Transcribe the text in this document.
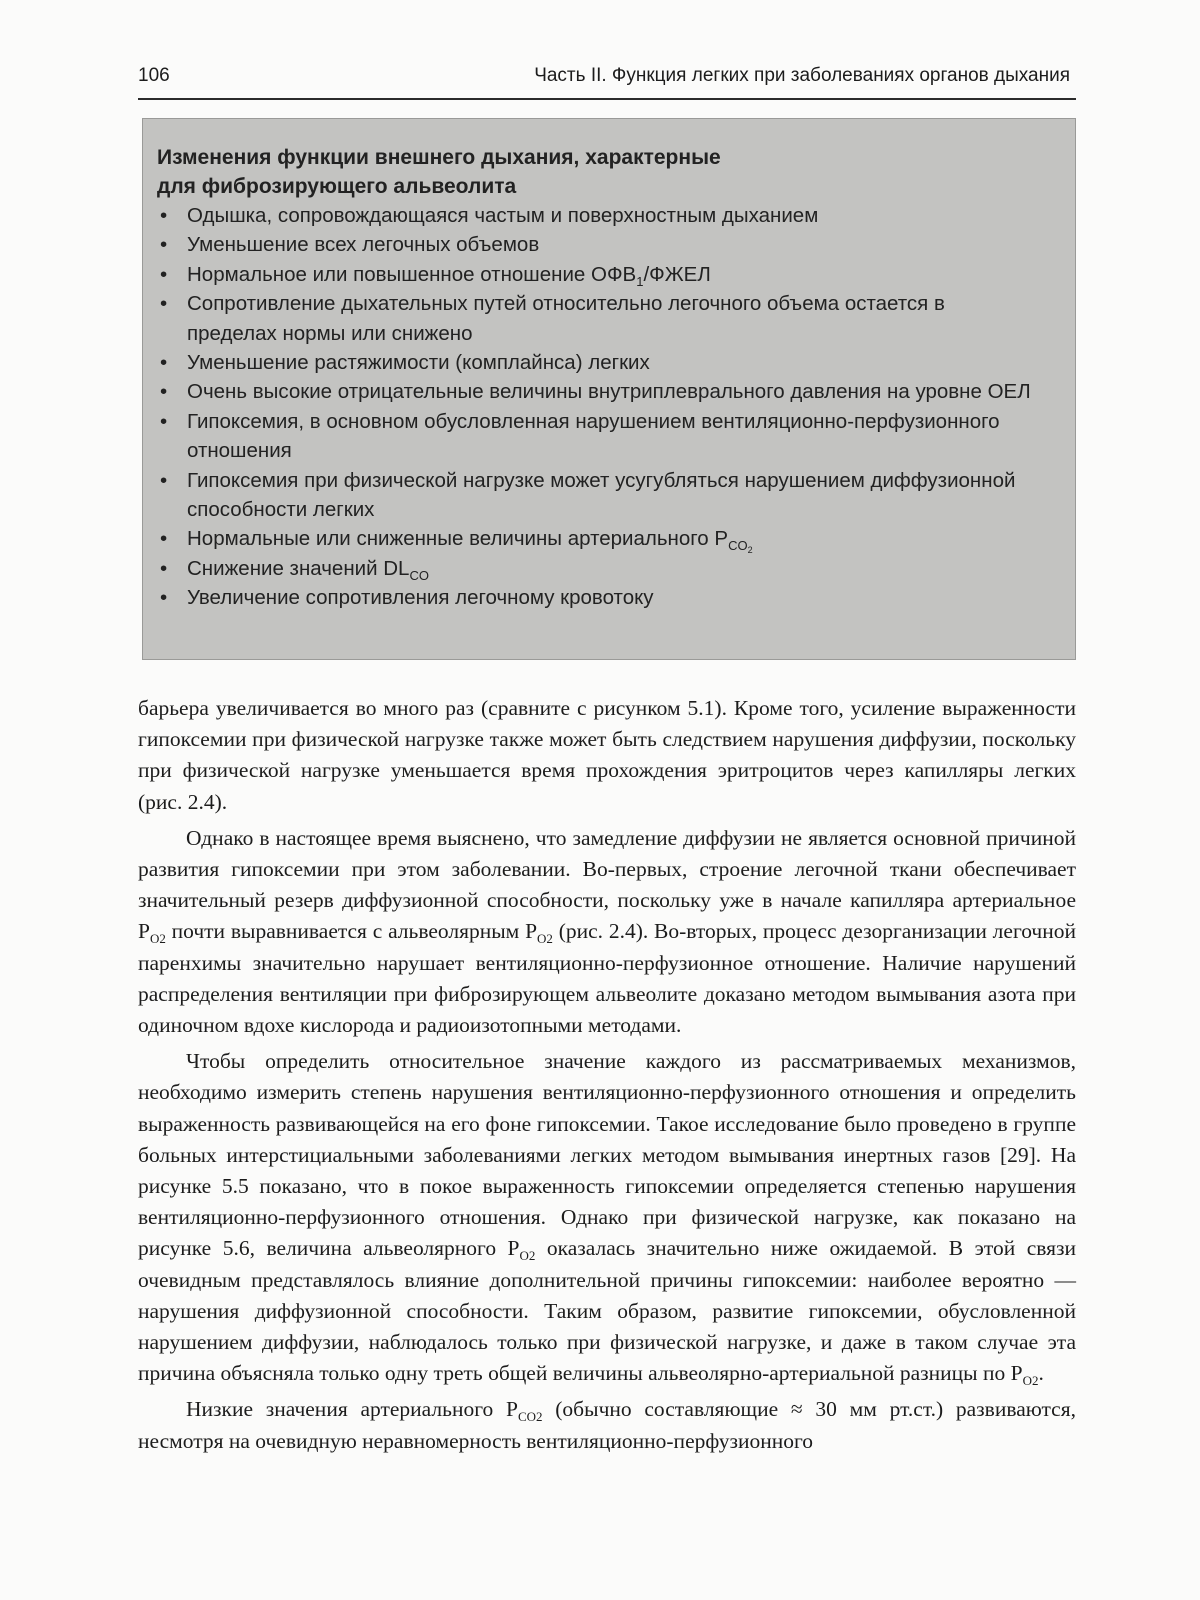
106	Часть II. Функция легких при заболеваниях органов дыхания
Изменения функции внешнего дыхания, характерные
для фиброзирующего альвеолита
• Одышка, сопровождающаяся частым и поверхностным дыханием
• Уменьшение всех легочных объемов
• Нормальное или повышенное отношение $ОФВ_1$/ФЖЕЛ
• Сопротивление дыхательных путей относительно легочного объема остается в пределах нормы или снижено
• Уменьшение растяжимости (комплайнса) легких
• Очень высокие отрицательные величины внутриплеврального давления на уровне ОЕЛ
• Гипоксемия, в основном обусловленная нарушением вентиляционно-перфузионного отношения
• Гипоксемия при физической нагрузке может усугубляться нарушением диффузионной способности легких
• Нормальные или сниженные величины артериального $P_{CO_2}$
• Снижение значений $DL_{CO}$
• Увеличение сопротивления легочному кровотоку

барьера увеличивается во много раз (сравните с рисунком 5.1). Кроме того, усиление выраженности гипоксемии при физической нагрузке также может быть следствием нарушения диффузии, поскольку при физической нагрузке уменьшается время прохождения эритроцитов через капилляры легких (рис. 2.4).

Однако в настоящее время выяснено, что замедление диффузии не является основной причиной развития гипоксемии при этом заболевании. Во-первых, строение легочной ткани обеспечивает значительный резерв диффузионной способности, поскольку уже в начале капилляра артериальное $P_{O2}$ почти выравнивается с альвеолярным $P_{O2}$ (рис. 2.4). Во-вторых, процесс дезорганизации легочной паренхимы значительно нарушает вентиляционно-перфузионное отношение. Наличие нарушений распределения вентиляции при фиброзирующем альвеолите доказано методом вымывания азота при одиночном вдохе кислорода и радиоизотопными методами.

Чтобы определить относительное значение каждого из рассматриваемых механизмов, необходимо измерить степень нарушения вентиляционно-перфузионного отношения и определить выраженность развивающейся на его фоне гипоксемии. Такое исследование было проведено в группе больных интерстициальными заболеваниями легких методом вымывания инертных газов [29]. На рисунке 5.5 показано, что в покое выраженность гипоксемии определяется степенью нарушения вентиляционно-перфузионного отношения. Однако при физической нагрузке, как показано на рисунке 5.6, величина альвеолярного $P_{O2}$ оказалась значительно ниже ожидаемой. В этой связи очевидным представлялось влияние дополнительной причины гипоксемии: наиболее вероятно — нарушения диффузионной способности. Таким образом, развитие гипоксемии, обусловленной нарушением диффузии, наблюдалось только при физической нагрузке, и даже в таком случае эта причина объясняла только одну треть общей величины альвеолярно-артериальной разницы по $P_{O2}$.

Низкие значения артериального $P_{CO2}$ (обычно составляющие ≈ 30 мм рт.ст.) развиваются, несмотря на очевидную неравномерность вентиляционно-перфузионного
